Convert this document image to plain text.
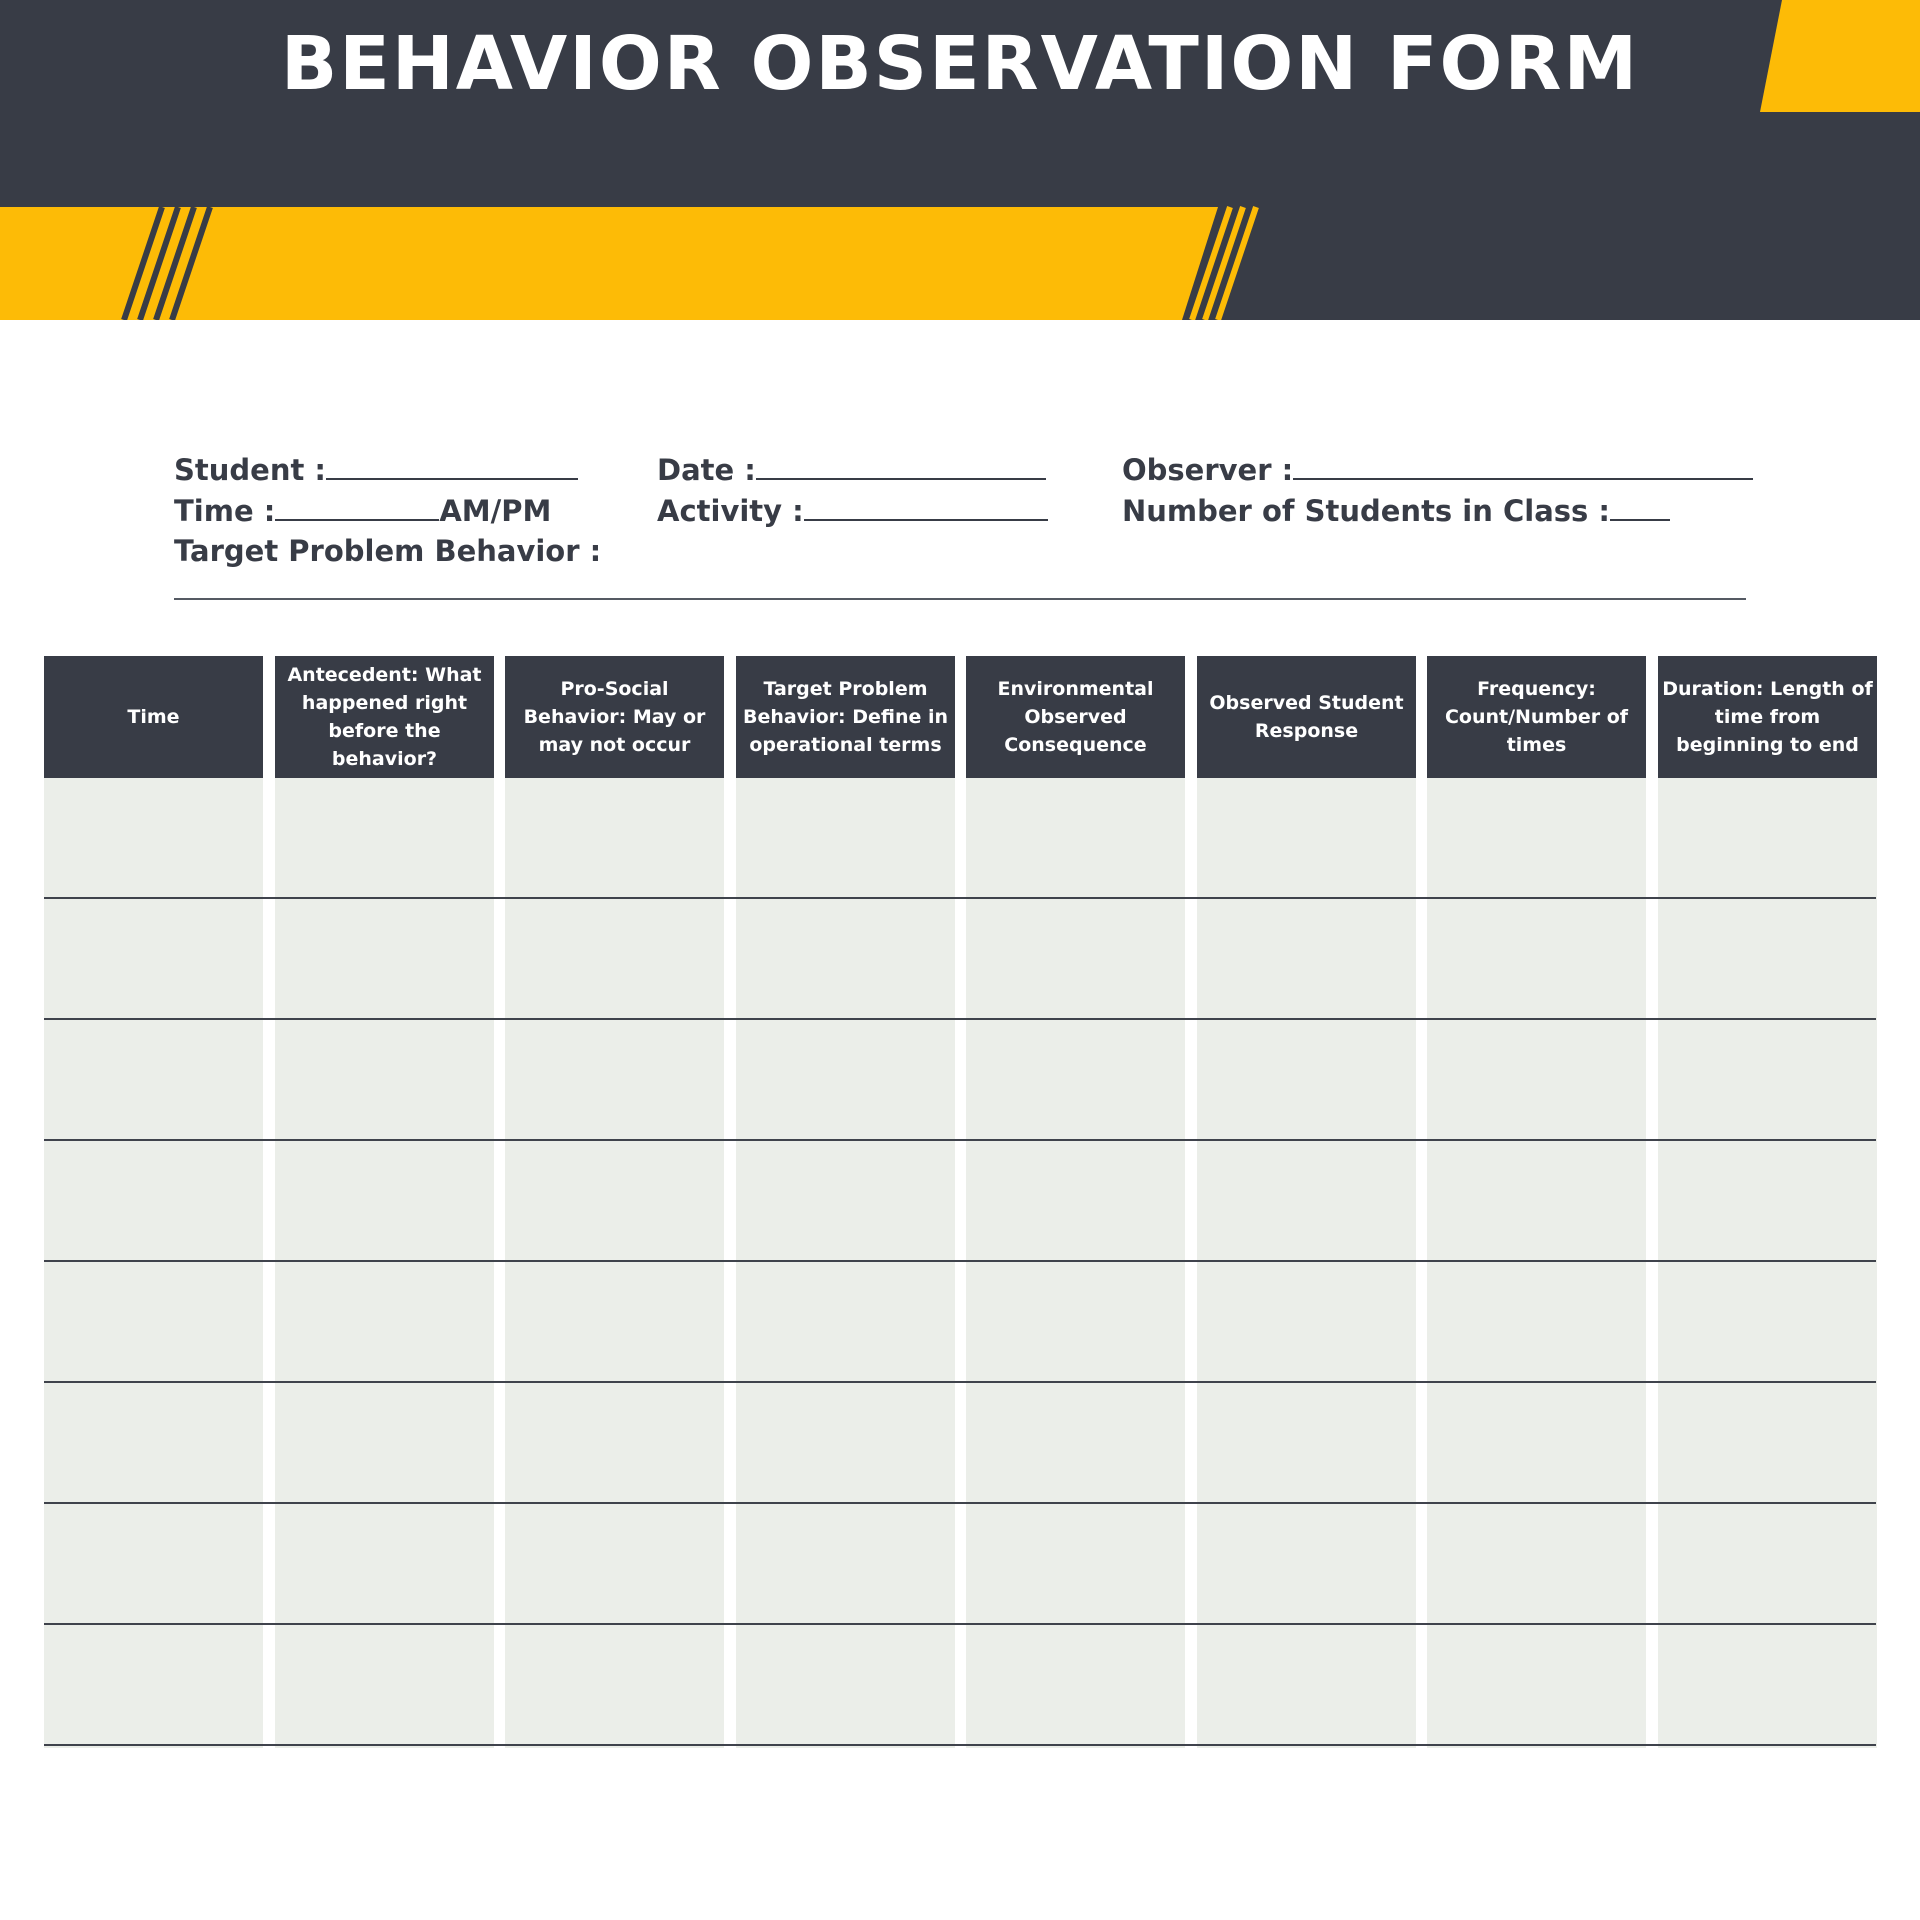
BEHAVIOR OBSERVATION FORM
Student :
Time :	AM/PM
Target Problem Behavior :
Date :
Activity :
Observer :
Number of Students in Class :
Time
Antecedent: What happened right before the behavior?
Pro-Social Behavior: May or may not occur
Target Problem Behavior: Define in operational terms
Environmental Observed Consequence
Observed Student Response
Frequency: Count/Number of times
Duration: Length of time from beginning to end
